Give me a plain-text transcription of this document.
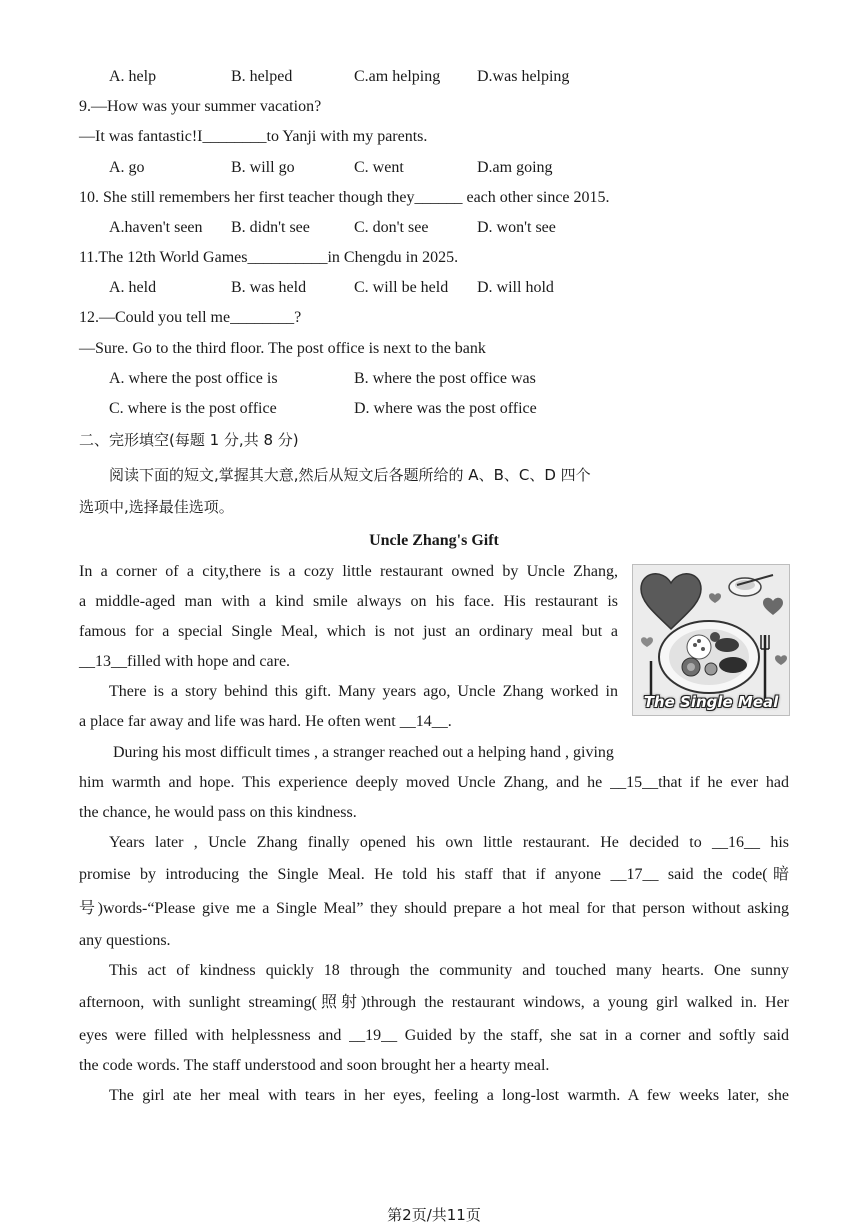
A. help	B. helped	C.am helping D.was helping
9.—How was your summer vacation?
—It was fantastic!I________to Yanji with my parents.
A. go	B. will go	C. went	D.am going
10. She still remembers her first teacher though they______ each other since 2015.
A.haven't seen B. didn't see	C. don't see	D. won't see
11.The 12th World Games__________in Chengdu in 2025.
A. held	B. was held	C. will be held D. will hold
12.—Could you tell me________?
—Sure. Go to the third floor. The post office is next to the bank
A. where the post office is	B. where the post office was
C. where is the post office	D. where was the post office
二、完形填空(每题 1 分,共 8 分)
阅读下面的短文,掌握其大意,然后从短文后各题所给的 A、B、C、D 四个
选项中,选择最佳选项。
Uncle Zhang's Gift
The Single Meal
In a corner of a city,there is a cozy little restaurant owned by Uncle Zhang,
a middle-aged man with a kind smile always on his face. His restaurant is
famous for a special Single Meal, which is not just an ordinary meal but a
__13__filled with hope and care.
There is a story behind this gift. Many years ago, Uncle Zhang worked in
a place far away and life was hard. He often went __14__.
During his most difficult times , a stranger reached out a helping hand , giving
him warmth and hope. This experience deeply moved Uncle Zhang, and he __15__that if he ever had
the chance, he would pass on this kindness.
Years later , Uncle Zhang finally opened his own little restaurant. He decided to __16__ his
promise by introducing the Single Meal. He told his staff that if anyone __17__ said the code(暗
号)words-“Please give me a Single Meal” they should prepare a hot meal for that person without asking
any questions.
This act of kindness quickly 18 through the community and touched many hearts. One sunny
afternoon, with sunlight streaming(照射)through the restaurant windows, a young girl walked in. Her
eyes were filled with helplessness and __19__ Guided by the staff, she sat in a corner and softly said
the code words. The staff understood and soon brought her a hearty meal.
The girl ate her meal with tears in her eyes, feeling a long-lost warmth. A few weeks later, she
第2页/共11页
